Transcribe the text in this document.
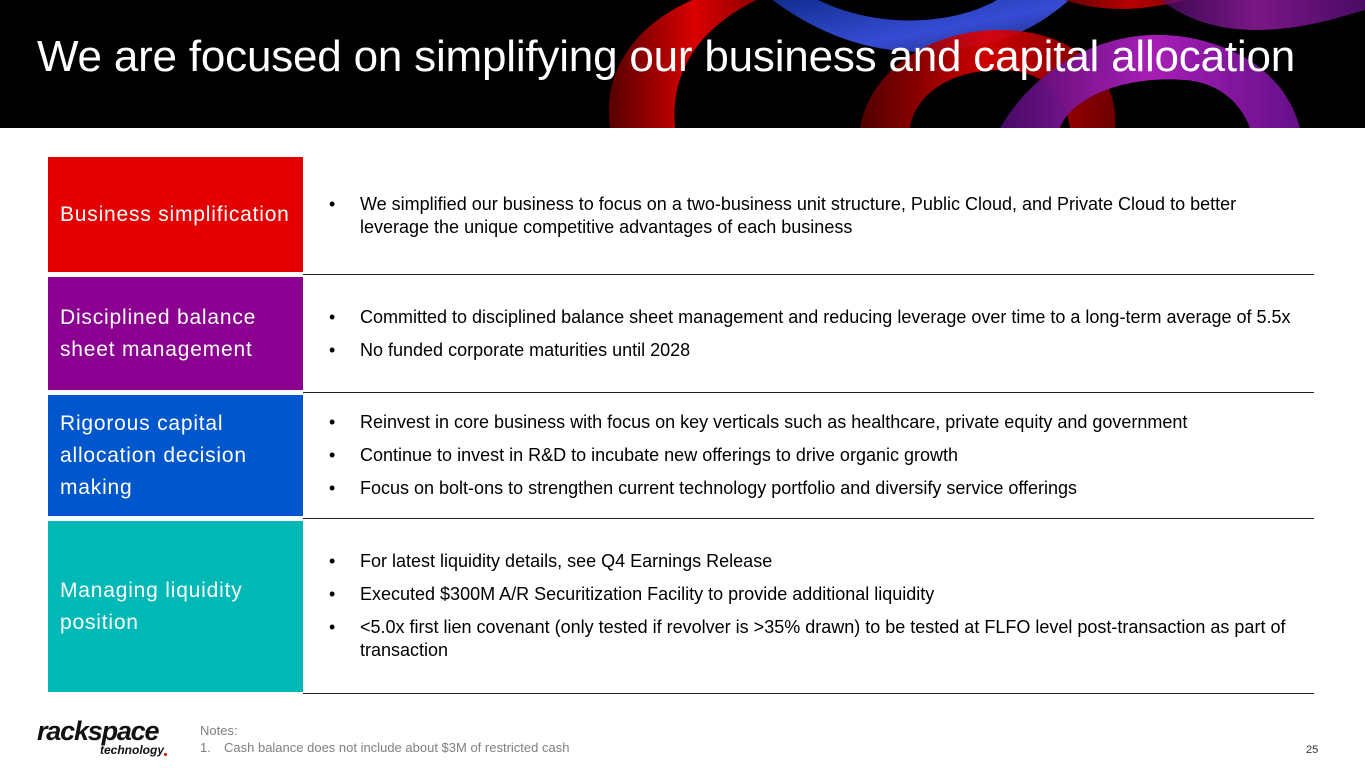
We are focused on simplifying our business and capital allocation
Business simplification
•	We simplified our business to focus on a two-business unit structure, Public Cloud, and Private Cloud to better leverage the unique competitive advantages of each business
Disciplined balance sheet management
• Committed to disciplined balance sheet management and reducing leverage over time to a long-term average of 5.5x
• No funded corporate maturities until 2028
Rigorous capital allocation decision making
• Reinvest in core business with focus on key verticals such as healthcare, private equity and government
• Continue to invest in R&D to incubate new offerings to drive organic growth
• Focus on bolt-ons to strengthen current technology portfolio and diversify service offerings
Managing liquidity position
• For latest liquidity details, see Q4 Earnings Release
• Executed $300M A/R Securitization Facility to provide additional liquidity
• <5.0x first lien covenant (only tested if revolver is >35% drawn) to be tested at FLFO level post-transaction as part of transaction
rackspace
technology
Notes:
1.	Cash balance does not include about $3M of restricted cash	25
